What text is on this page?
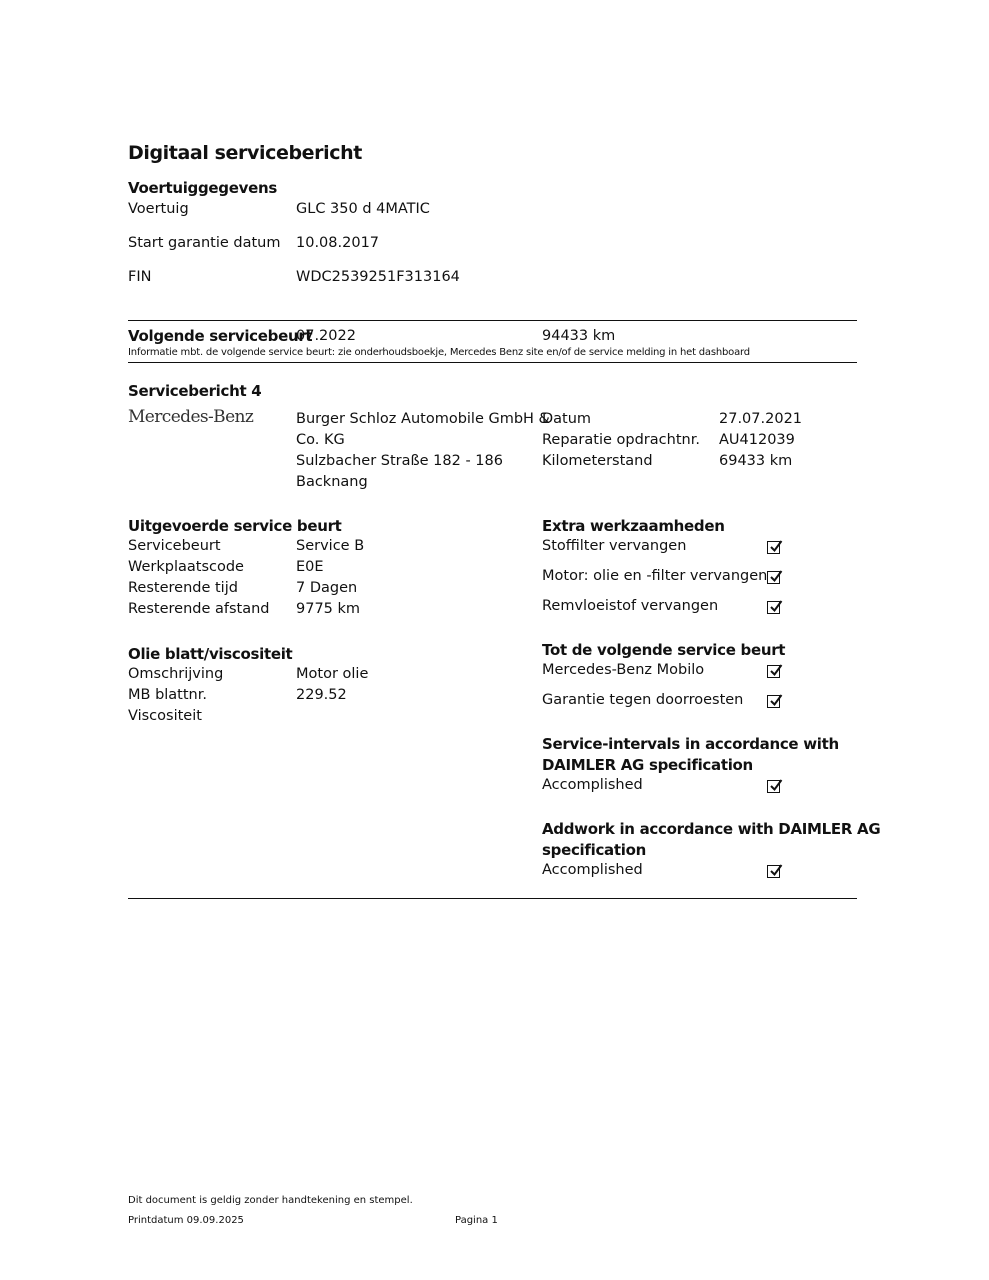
Digitaal servicebericht
Voertuiggegevens
Voertuig	GLC 350 d 4MATIC
Start garantie datum 10.08.2017
FIN	WDC2539251F313164
Volgende servicebeurt
07.2022	94433 km
Informatie mbt. de volgende service beurt: zie onderhoudsboekje, Mercedes Benz site en/of de service melding in het dashboard
Servicebericht 4
Mercedes-Benz	Burger Schloz Automobile GmbH &
Co. KG
Sulzbacher Straße 182 - 186
Backnang
Datum	27.07.2021
Reparatie opdrachtnr. AU412039
Kilometerstand	69433 km
Uitgevoerde service beurt
Servicebeurt	Service B
Werkplaatscode	E0E
Resterende tijd	7 Dagen
Resterende afstand 9775 km
Olie blatt/viscositeit
Omschrijving	Motor olie
MB blattnr.	229.52
Viscositeit
Extra werkzaamheden
Stoffilter vervangen
Motor: olie en -filter vervangen
Remvloeistof vervangen
Tot de volgende service beurt
Mercedes-Benz Mobilo
Garantie tegen doorroesten
Service-intervals in accordance with
DAIMLER AG specification
Accomplished
Addwork in accordance with DAIMLER AG
specification
Accomplished
Dit document is geldig zonder handtekening en stempel.
Printdatum 09.09.2025	Pagina 1
